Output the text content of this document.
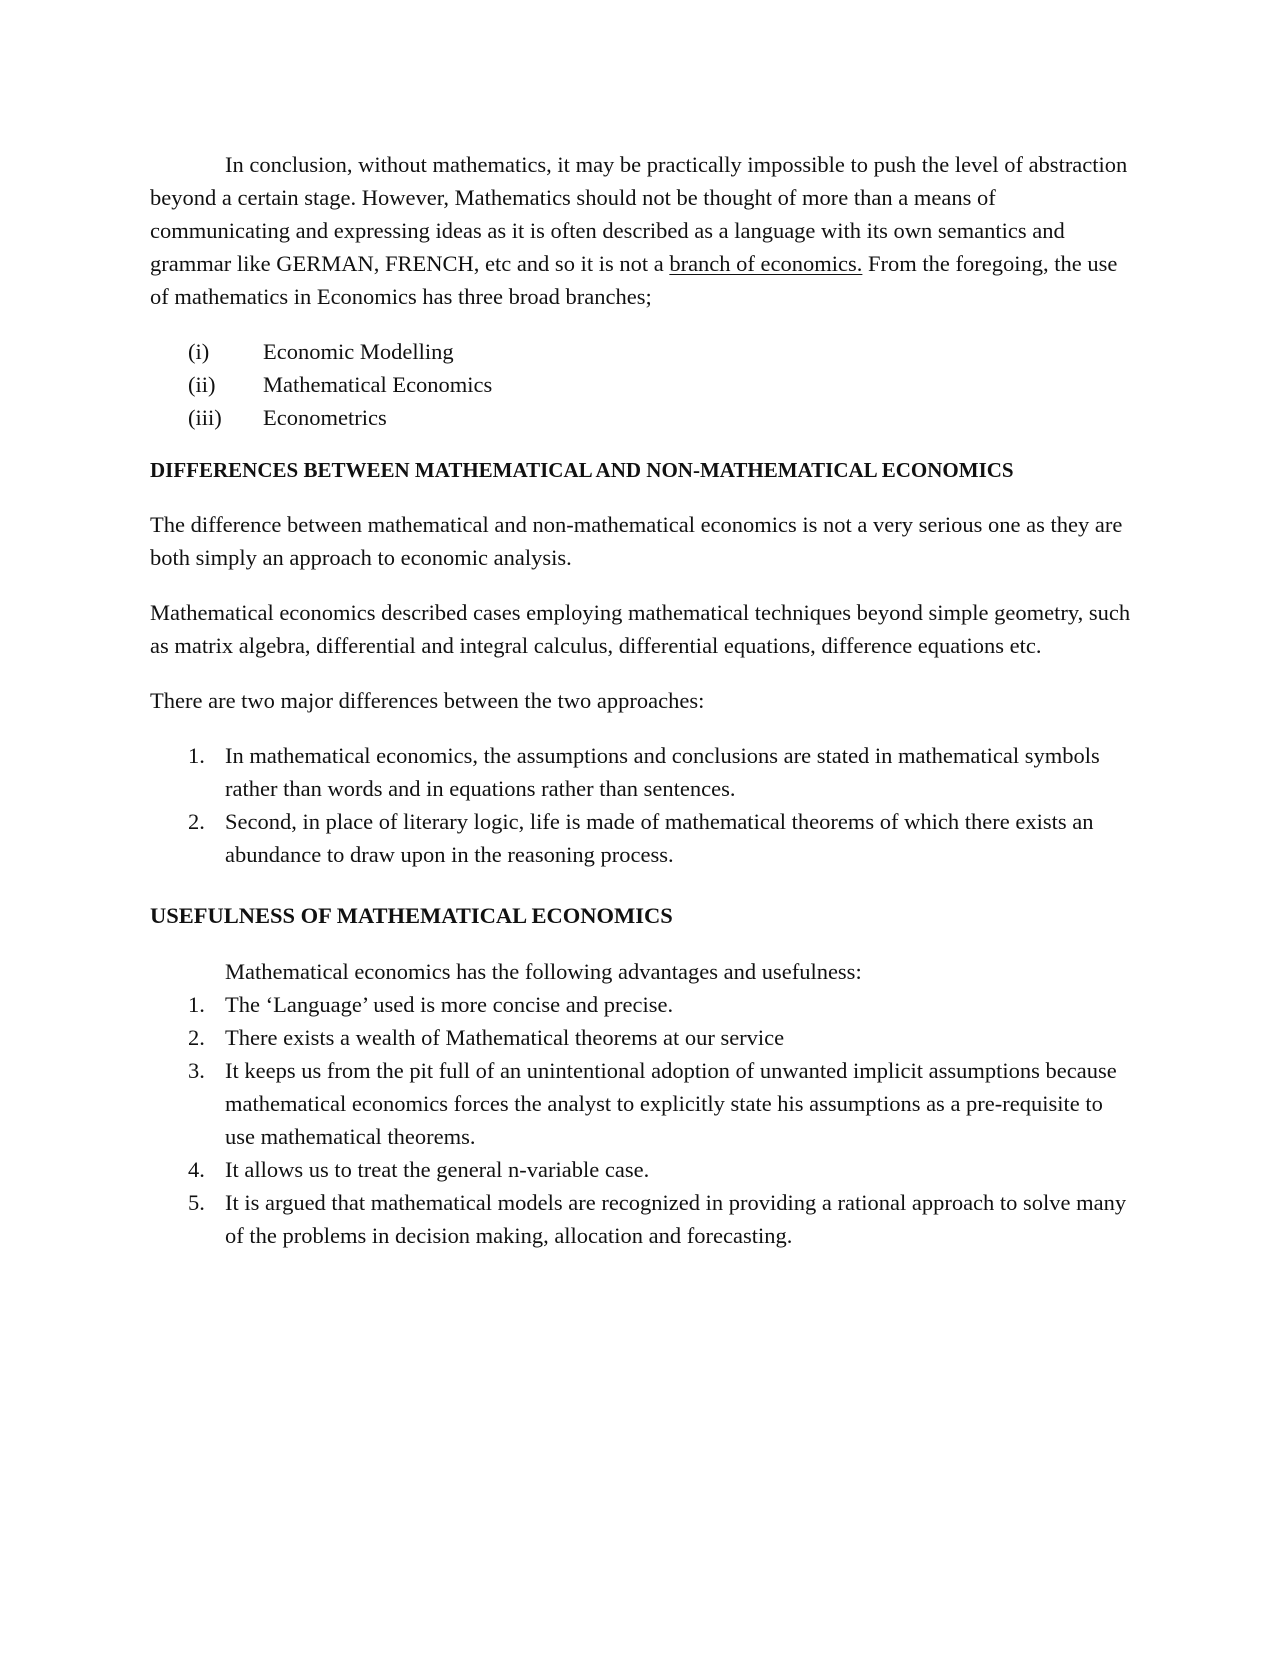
In conclusion, without mathematics, it may be practically impossible to push the level of abstraction beyond a certain stage. However, Mathematics should not be thought of more than a means of communicating and expressing ideas as it is often described as a language with its own semantics and grammar like GERMAN, FRENCH, etc and so it is not a branch of economics. From the foregoing, the use of mathematics in Economics has three broad branches;

(i) Economic Modelling
(ii) Mathematical Economics
(iii) Econometrics

DIFFERENCES BETWEEN MATHEMATICAL AND NON-MATHEMATICAL ECONOMICS

The difference between mathematical and non-mathematical economics is not a very serious one as they are both simply an approach to economic analysis.

Mathematical economics described cases employing mathematical techniques beyond simple geometry, such as matrix algebra, differential and integral calculus, differential equations, difference equations etc.

There are two major differences between the two approaches:

1. In mathematical economics, the assumptions and conclusions are stated in mathematical symbols rather than words and in equations rather than sentences.
2. Second, in place of literary logic, life is made of mathematical theorems of which there exists an abundance to draw upon in the reasoning process.

USEFULNESS OF MATHEMATICAL ECONOMICS

Mathematical economics has the following advantages and usefulness:

1. The ‘Language’ used is more concise and precise.
2. There exists a wealth of Mathematical theorems at our service
3. It keeps us from the pit full of an unintentional adoption of unwanted implicit assumptions because mathematical economics forces the analyst to explicitly state his assumptions as a pre-requisite to use mathematical theorems.
4. It allows us to treat the general n-variable case.
5. It is argued that mathematical models are recognized in providing a rational approach to solve many of the problems in decision making, allocation and forecasting.
